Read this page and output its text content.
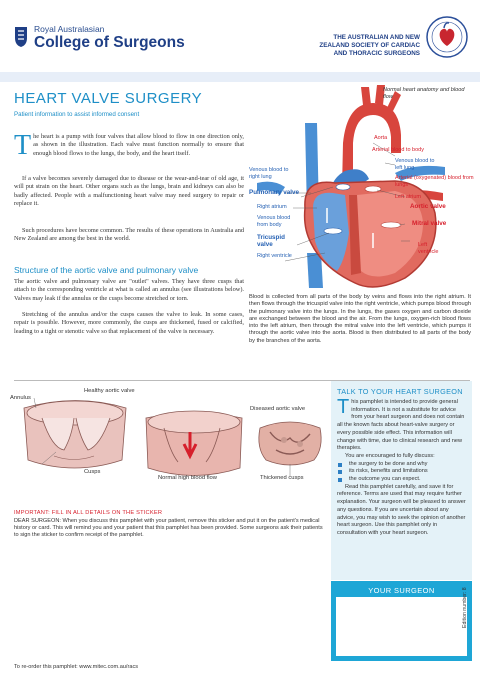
Royal Australasian
College of Surgeons	THE AUSTRALIAN AND NEW
ZEALAND SOCIETY OF CARDIAC
AND THORACIC SURGEONS
HEART VALVE SURGERY
Patient information to assist informed consent
The heart is a pump with four valves that allow blood to flow in one direction only, as shown in the illustration. Each valve must function normally to ensure that enough blood flows to the lungs, the body, and the heart itself.
If a valve becomes severely damaged due to disease or the wear-and-tear of old age, it will put strain on the heart. Other organs such as the lungs, brain and kidneys can also be badly affected. People with a malfunctioning heart valve may need surgery to repair or replace it.
Such procedures have become common. The results of these operations in Australia and New Zealand are among the best in the world.
Structure of the aortic valve and pulmonary valve
The aortic valve and pulmonary valve are "outlet" valves. They have three cusps that attach to the corresponding ventricle at what is called an annulus (see illustrations below). Valves may leak if the annulus or the cusps become stretched or torn.
Stretching of the annulus and/or the cusps causes the valve to leak. In some cases, repair is possible. However, more commonly, the cusps are thickened, fused or calcified, leading to a tight or stenotic valve so that replacement of the valve is necessary.
Normal heart anatomy and blood flow
Aorta
Arterial blood to body
Venous blood to left lung
Arterial (oxygenated) blood from lungs
Left atrium
Aortic valve
Mitral valve
Left ventricle
Venous blood to right lung
Pulmonary valve
Right atrium
Venous blood from body
Tricuspid valve
Right ventricle
Blood is collected from all parts of the body by veins and flows into the right atrium. It then flows through the tricuspid valve into the right ventricle, which pumps blood through the pulmonary valve into the lungs. In the lungs, the gases oxygen and carbon dioxide are exchanged between the blood and the air. From the lungs, oxygen-rich blood flows into the left atrium, then through the mitral valve into the left ventricle, which pumps it through the aortic valve into the aorta. Blood is then distributed to all parts of the body by the branches of the aorta.
Healthy aortic valve
Annulus
Cusps
Normal high blood flow
Diseased aortic valve
Thickened cusps
IMPORTANT: FILL IN ALL DETAILS ON THE STICKER
DEAR SURGEON: When you discuss this pamphlet with your patient, remove this sticker and put it on the patient's medical history or card. This will remind you and your patient that this pamphlet has been provided. Some surgeons ask their patients to sign the sticker to confirm receipt of the pamphlet.
TALK TO YOUR HEART SURGEON
This pamphlet is intended to provide general information. It is not a substitute for advice from your heart surgeon and does not contain all the known facts about heart-valve surgery or every possible side effect. This information will change with time, due to clinical research and new therapies.
You are encouraged to fully discuss:
the surgery to be done and why
its risks, benefits and limitations
the outcome you can expect.
Read this pamphlet carefully, and save it for reference. Terms are used that may require further explanation. Your surgeon will be pleased to answer any questions. If you are uncertain about any advice, you may wish to seek the opinion of another heart surgeon. Use this pamphlet only in consultation with your heart surgeon.
YOUR SURGEON	Edition number: 8
To re-order this pamphlet: www.mitec.com.au/racs
